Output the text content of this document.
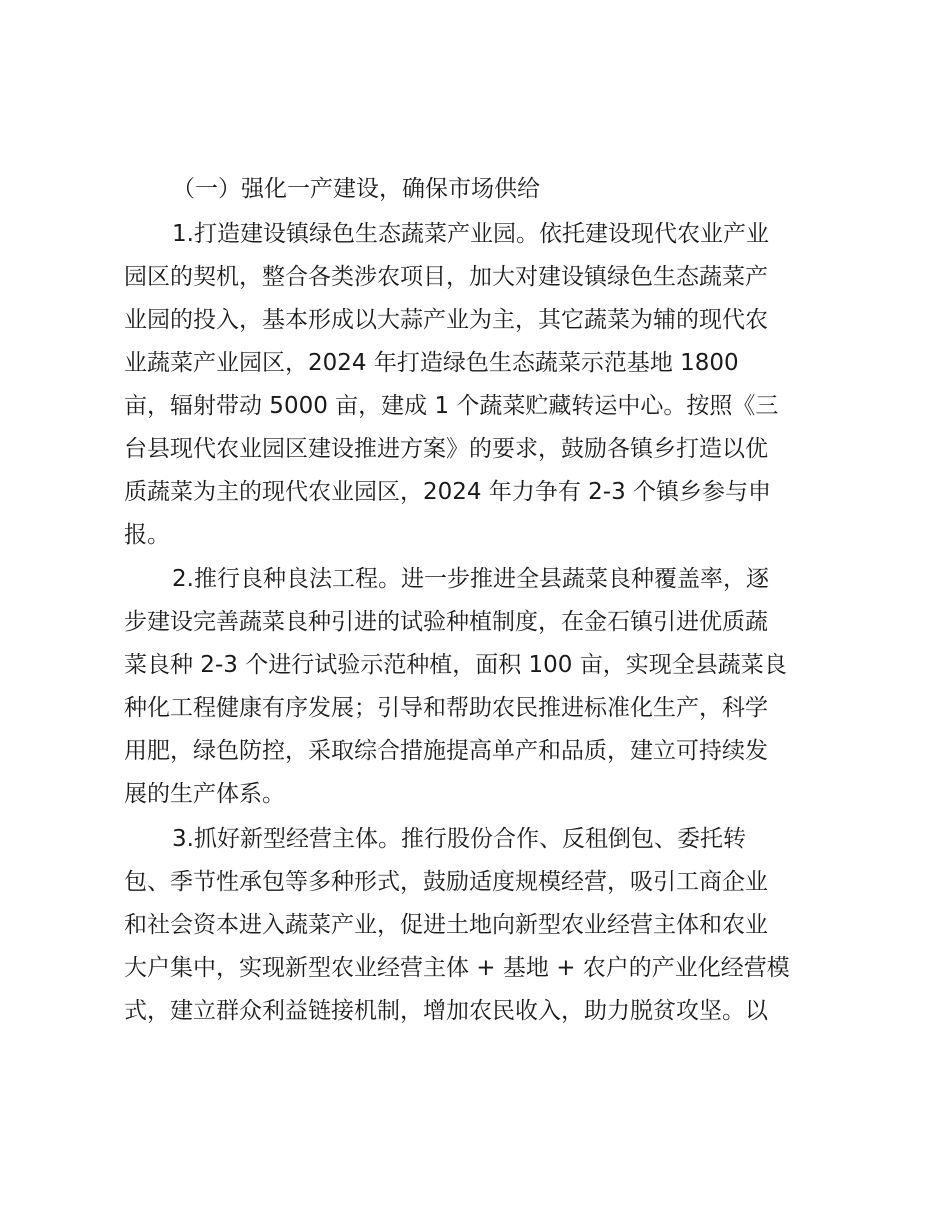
（一）强化一产建设，确保市场供给
1.打造建设镇绿色生态蔬菜产业园。依托建设现代农业产业
园区的契机，整合各类涉农项目，加大对建设镇绿色生态蔬菜产
业园的投入，基本形成以大蒜产业为主，其它蔬菜为辅的现代农
业蔬菜产业园区，2024 年打造绿色生态蔬菜示范基地 1800
亩，辐射带动 5000 亩，建成 1 个蔬菜贮藏转运中心。按照《三
台县现代农业园区建设推进方案》的要求，鼓励各镇乡打造以优
质蔬菜为主的现代农业园区，2024 年力争有 2-3 个镇乡参与申
报。
2.推行良种良法工程。进一步推进全县蔬菜良种覆盖率，逐
步建设完善蔬菜良种引进的试验种植制度，在金石镇引进优质蔬
菜良种 2-3 个进行试验示范种植，面积 100 亩，实现全县蔬菜良
种化工程健康有序发展；引导和帮助农民推进标准化生产，科学
用肥，绿色防控，采取综合措施提高单产和品质，建立可持续发
展的生产体系。
3.抓好新型经营主体。推行股份合作、反租倒包、委托转
包、季节性承包等多种形式，鼓励适度规模经营，吸引工商企业
和社会资本进入蔬菜产业，促进土地向新型农业经营主体和农业
大户集中，实现新型农业经营主体 + 基地 + 农户的产业化经营模
式，建立群众利益链接机制，增加农民收入，助力脱贫攻坚。以
